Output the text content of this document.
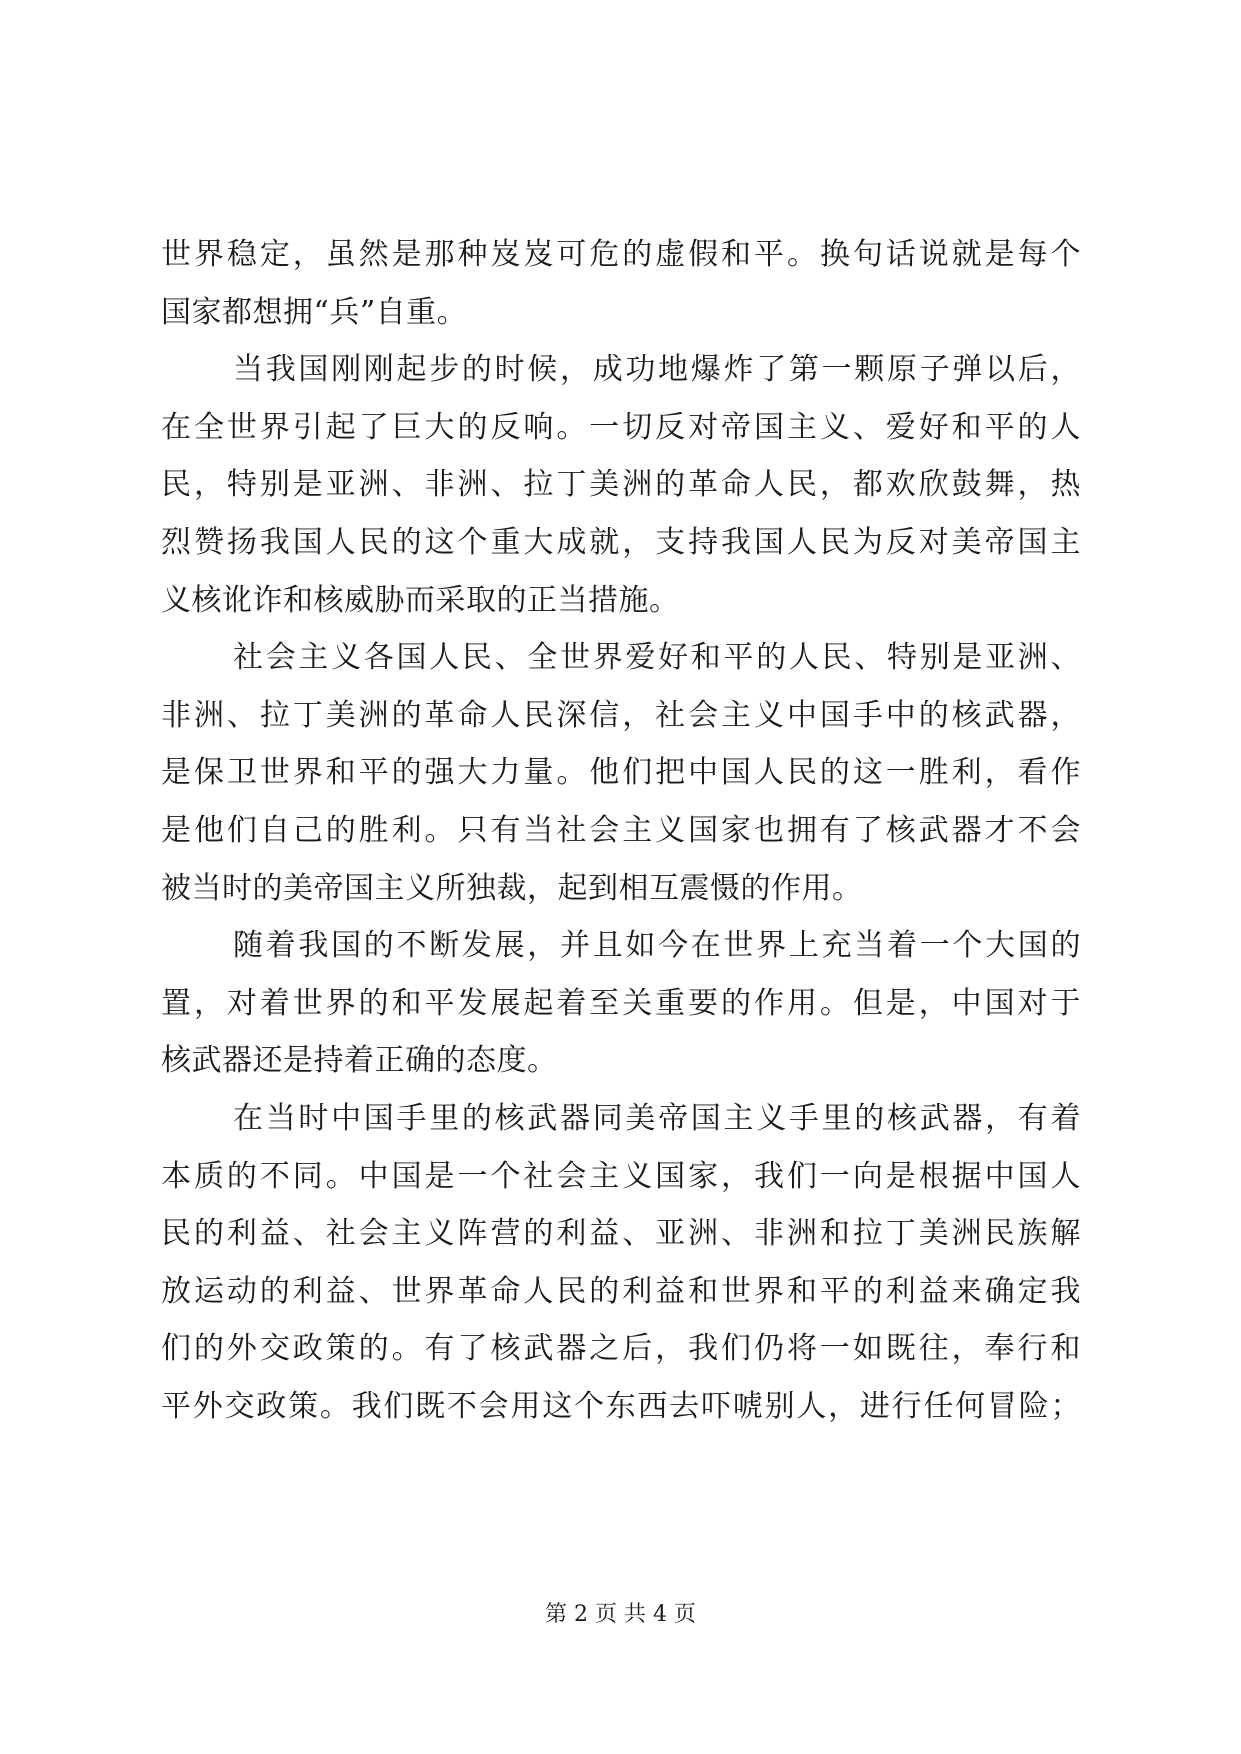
世界稳定，虽然是那种岌岌可危的虚假和平。换句话说就是每个
国家都想拥“兵”自重。
当我国刚刚起步的时候，成功地爆炸了第一颗原子弹以后，
在全世界引起了巨大的反响。一切反对帝国主义、爱好和平的人
民，特别是亚洲、非洲、拉丁美洲的革命人民，都欢欣鼓舞，热
烈赞扬我国人民的这个重大成就，支持我国人民为反对美帝国主
义核讹诈和核威胁而采取的正当措施。
社会主义各国人民、全世界爱好和平的人民、特别是亚洲、
非洲、拉丁美洲的革命人民深信，社会主义中国手中的核武器，
是保卫世界和平的强大力量。他们把中国人民的这一胜利，看作
是他们自己的胜利。只有当社会主义国家也拥有了核武器才不会
被当时的美帝国主义所独裁，起到相互震慑的作用。
随着我国的不断发展，并且如今在世界上充当着一个大国的
置，对着世界的和平发展起着至关重要的作用。但是，中国对于
核武器还是持着正确的态度。
在当时中国手里的核武器同美帝国主义手里的核武器，有着
本质的不同。中国是一个社会主义国家，我们一向是根据中国人
民的利益、社会主义阵营的利益、亚洲、非洲和拉丁美洲民族解
放运动的利益、世界革命人民的利益和世界和平的利益来确定我
们的外交政策的。有了核武器之后，我们仍将一如既往，奉行和
平外交政策。我们既不会用这个东西去吓唬别人，进行任何冒险；
第 2 页 共 4 页
